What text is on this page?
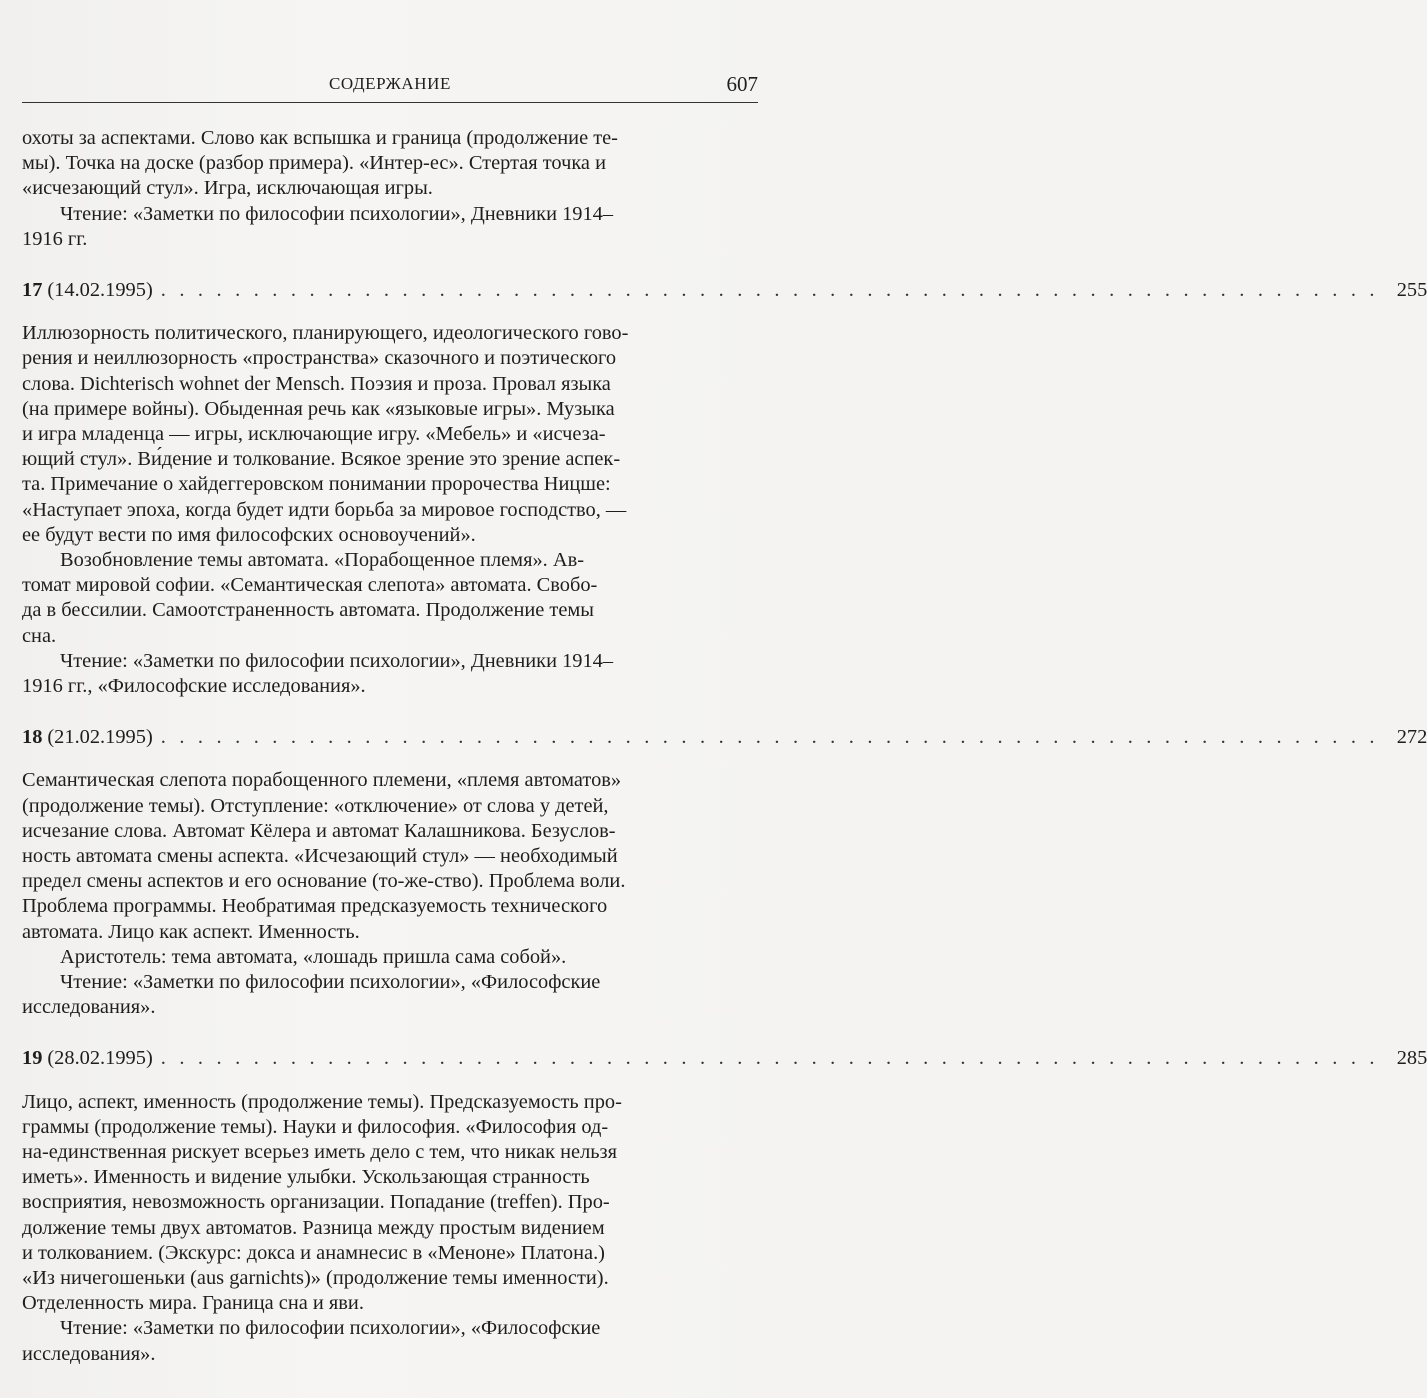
СОДЕРЖАНИЕ	607

охоты за аспектами. Слово как вспышка и граница (продолжение те-

мы). Точка на доске (разбор примера). «Интер-ес». Стертая точка и

«исчезающий стул». Игра, исключающая игры.

Чтение: «Заметки по философии психологии», Дневники 1914–

1916 гг.

17 (14.02.1995) . . . . . . . . . . . . . . . . . . . . . . . . . . . . . . . . . . . . . . . . . . . . . . . . . . . . . . . . . . . . . . . . . . 255

Иллюзорность политического, планирующего, идеологического гово-

рения и неиллюзорность «пространства» сказочного и поэтического

слова. Dichterisch wohnet der Mensch. Поэзия и проза. Провал языка

(на примере войны). Обыденная речь как «языковые игры». Музыка

и игра младенца — игры, исключающие игру. «Мебель» и «исчеза-

ющий стул». Ви́дение и толкование. Всякое зрение это зрение аспек-

та. Примечание о хайдеггеровском понимании пророчества Ницше:

«Наступает эпоха, когда будет идти борьба за мировое господство, —

ее будут вести по имя философских основоучений».

Возобновление темы автомата. «Порабощенное племя». Ав-

томат мировой софии. «Семантическая слепота» автомата. Свобо-

да в бессилии. Самоотстраненность автомата. Продолжение темы

сна.

Чтение: «Заметки по философии психологии», Дневники 1914–

1916 гг., «Философские исследования».

18 (21.02.1995) . . . . . . . . . . . . . . . . . . . . . . . . . . . . . . . . . . . . . . . . . . . . . . . . . . . . . . . . . . . . . . . . . . 272

Семантическая слепота порабощенного племени, «племя автоматов»

(продолжение темы). Отступление: «отключение» от слова у детей,

исчезание слова. Автомат Кёлера и автомат Калашникова. Безуслов-

ность автомата смены аспекта. «Исчезающий стул» — необходимый

предел смены аспектов и его основание (то-же-ство). Проблема воли.

Проблема программы. Необратимая предсказуемость технического

автомата. Лицо как аспект. Именность.

Аристотель: тема автомата, «лошадь пришла сама собой».

Чтение: «Заметки по философии психологии», «Философские

исследования».

19 (28.02.1995) . . . . . . . . . . . . . . . . . . . . . . . . . . . . . . . . . . . . . . . . . . . . . . . . . . . . . . . . . . . . . . . . . . 285

Лицо, аспект, именность (продолжение темы). Предсказуемость про-

граммы (продолжение темы). Науки и философия. «Философия од-

на-единственная рискует всерьез иметь дело с тем, что никак нельзя

иметь». Именность и видение улыбки. Ускользающая странность

восприятия, невозможность организации. Попадание (treffen). Про-

должение темы двух автоматов. Разница между простым видением

и толкованием. (Экскурс: докса и анамнесис в «Меноне» Платона.)

«Из ничегошеньки (aus garnichts)» (продолжение темы именности).

Отделенность мира. Граница сна и яви.

Чтение: «Заметки по философии психологии», «Философские

исследования».
